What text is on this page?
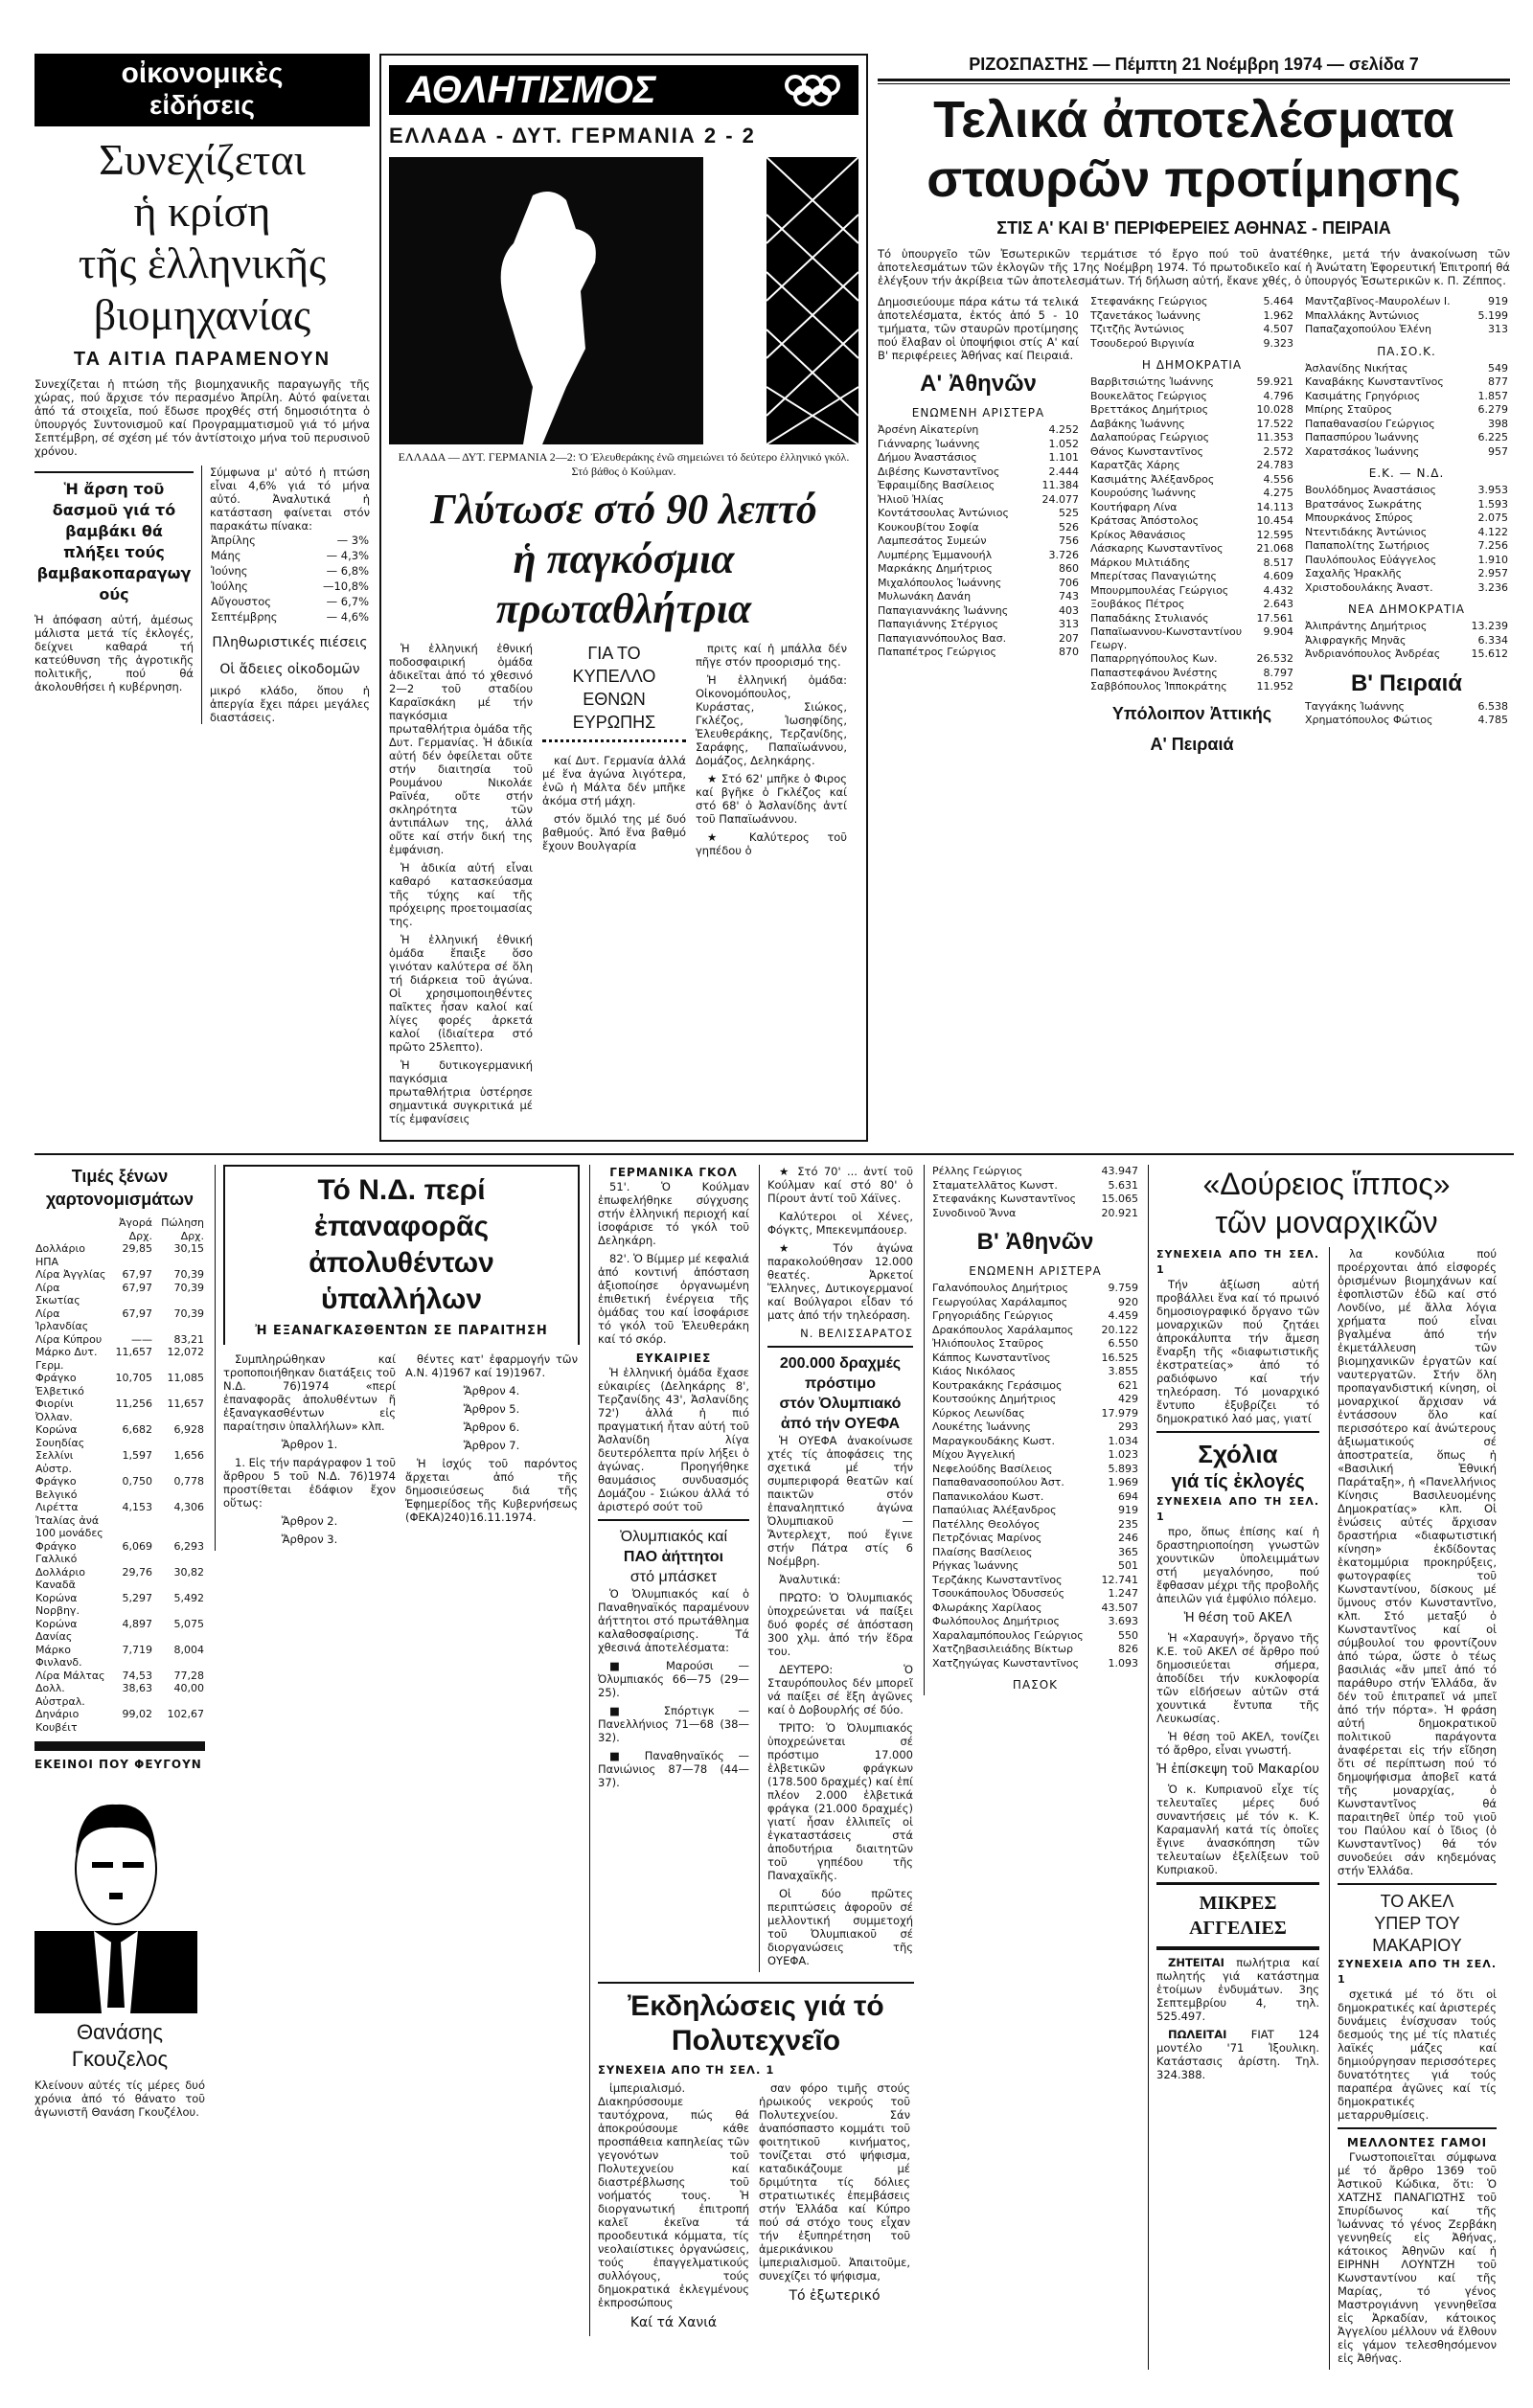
οἰκονομικὲς
εἰδήσεις
Συνεχίζεται
ἡ κρίση
τῆς ἑλληνικῆς
βιομηχανίας
ΤΑ ΑΙΤΙΑ ΠΑΡΑΜΕΝΟΥΝ
Συνεχίζεται ἡ πτώση τῆς βιομηχανικῆς παραγωγῆς τῆς χώρας, πού ἄρχισε τόν περασμένο Ἀπρίλη. Αὐτό φαίνεται ἀπό τά στοιχεῖα, πού ἔδωσε προχθές στή δημοσιότητα ὁ ὑπουργός Συντονισμοῦ καί Προγραμματισμοῦ γιά τό μήνα Σεπτέμβρη, σέ σχέση μέ τόν ἀντίστοιχο μήνα τοῦ περυσινοῦ χρόνου.
Ἡ ἄρση τοῦ δασμοῦ γιά τό βαμβάκι θά πλήξει τούς βαμβακοπαραγωγούς
Ἡ ἀπόφαση αὐτή, ἀμέσως μάλιστα μετά τίς ἐκλογές, δείχνει καθαρά τή κατεύθυνση τῆς ἀγροτικῆς πολιτικῆς, πού θά ἀκολουθήσει ἡ κυβέρνηση.
Σύμφωνα μ' αὐτό ἡ πτώση εἶναι 4,6% γιά τό μήνα αὐτό. Ἀναλυτικά ἡ κατάσταση φαίνεται στόν παρακάτω πίνακα:
Ἀπρίλης	— 3%
Μάης	— 4,3%
Ἰούνης	— 6,8%
Ἰούλης	—10,8%
Αὔγουστος	— 6,7%
Σεπτέμβρης	— 4,6%
Πληθωριστικές πιέσεις
Οἱ ἄδειες οἰκοδομῶν
μικρό κλάδο, ὅπου ἡ ἀπεργία ἔχει πάρει μεγάλες διαστάσεις.
ΑΘΛΗΤΙΣΜΟΣ
ΕΛΛΑΔΑ - ΔΥΤ. ΓΕΡΜΑΝΙΑ 2 - 2
ΕΛΛΑΔΑ — ΔΥΤ. ΓΕΡΜΑΝΙΑ 2—2: Ὁ Ἐλευθεράκης ἐνῶ σημειώνει τό δεύτερο ἑλληνικό γκόλ. Στό βάθος ὁ Κούλμαν.
Γλύτωσε στό 90 λεπτό
ἡ παγκόσμια
πρωταθλήτρια

Ἡ ἑλληνική ἐθνική ποδοσφαιρική ὁμάδα ἀδικεῖται ἀπό τό χθεσινό 2—2 τοῦ σταδίου Καραϊσκάκη μέ τήν παγκόσμια πρωταθλήτρια ὁμάδα τῆς Δυτ. Γερμανίας. Ἡ ἀδικία αὐτή δέν ὀφείλεται οὔτε στήν διαιτησία τοῦ Ρουμάνου Νικολάε Ραϊνέα, οὔτε στήν σκληρότητα τῶν ἀντιπάλων της, ἀλλά οὔτε καί στήν δική της ἐμφάνιση.

Ἡ ἀδικία αὐτή εἶναι καθαρό κατασκεύασμα τῆς τύχης καί τῆς πρόχειρης προετοιμασίας της.

Ἡ ἑλληνική ἐθνική ὁμάδα ἔπαιξε ὅσο γινόταν καλύτερα σέ ὅλη τή διάρκεια τοῦ ἀγώνα. Οἱ χρησιμοποιηθέντες παῖκτες ἦσαν καλοί καί λίγες φορές ἀρκετά καλοί (ἰδιαίτερα στό πρῶτο 25λεπτο).

Ἡ δυτικογερμανική παγκόσμια πρωταθλήτρια ὑστέρησε σημαντικά συγκριτικά μέ τίς ἐμφανίσεις

ΓΙΑ ΤΟ
ΚΥΠΕΛΛΟ
ΕΘΝΩΝ
ΕΥΡΩΠΗΣ

καί Δυτ. Γερμανία ἀλλά μέ ἕνα ἀγώνα λιγότερα, ἐνῶ ἡ Μάλτα δέν μπῆκε ἀκόμα στή μάχη.

στόν ὅμιλό της μέ δυό βαθμούς. Ἀπό ἕνα βαθμό ἔχουν Βουλγαρία

πριτς καί ἡ μπάλλα δέν πῆγε στόν προορισμό της.

Ἡ ἑλληνική ὁμάδα: Οἰκονομόπουλος, Κυράστας, Σιώκος, Γκλέζος, Ἰωσηφίδης, Ἐλευθεράκης, Τερζανίδης, Σαράφης, Παπαϊωάννου, Δομάζος, Δεληκάρης.

★ Στό 62' μπῆκε ὁ Φιρος καί βγῆκε ὁ Γκλέζος καί στό 68' ὁ Ἀσλανίδης ἀντί τοῦ Παπαϊωάννου.

★ Καλύτερος τοῦ γηπέδου ὁ

ΡΙΖΟΣΠΑΣΤΗΣ — Πέμπτη 21 Νοέμβρη 1974 — σελίδα 7
Τελικά ἀποτελέσματα
σταυρῶν προτίμησης
ΣΤΙΣ Α' ΚΑΙ Β' ΠΕΡΙΦΕΡΕΙΕΣ ΑΘΗΝΑΣ - ΠΕΙΡΑΙΑ
Τό ὑπουργεῖο τῶν Ἐσωτερικῶν τερμάτισε τό ἔργο πού τοῦ ἀνατέθηκε, μετά τήν ἀνακοίνωση τῶν ἀποτελεσμάτων τῶν ἐκλογῶν τῆς 17ης Νοέμβρη 1974. Τό πρωτοδικεῖο καί ἡ Ἀνώτατη Ἐφορευτική Ἐπιτροπή θά ἐλέγξουν τήν ἀκρίβεια τῶν ἀποτελεσμάτων. Τή δήλωση αὐτή, ἔκανε χθές, ὁ ὑπουργός Ἐσωτερικῶν κ. Π. Ζέππος.
Δημοσιεύουμε πάρα κάτω τά τελικά ἀποτελέσματα, ἐκτός ἀπό 5 - 10 τμήματα, τῶν σταυρῶν προτίμησης πού ἔλαβαν οἱ ὑποψήφιοι στίς Α' καί Β' περιφέρειες Ἀθήνας καί Πειραιά.
Α' Ἀθηνῶν
ΕΝΩΜΕΝΗ ΑΡΙΣΤΕΡΑ
Ἀρσένη Αἰκατερίνη	4.252
Γιάνναρης Ἰωάννης	1.052
Δήμου Ἀναστάσιος	1.101
Διβέσης Κωνσταντῖνος	2.444
Ἐφραιμίδης Βασίλειος	11.384
Ἠλιοῦ Ἠλίας	24.077
Κοντάτσουλας Ἀντώνιος	525
Κουκουβίτου Σοφία	526
Λαμπεσάτος Συμεών	756
Λυμπέρης Ἐμμανουήλ	3.726
Μαρκάκης Δημήτριος	860
Μιχαλόπουλος Ἰωάννης	706
Μυλωνάκη Δανάη	743
Παπαγιαννάκης Ἰωάννης	403
Παπαγιάννης Στέργιος	313
Παπαγιαννόπουλος Βασ.	207
Παπαπέτρος Γεώργιος	870
Στεφανάκης Γεώργιος	5.464
Τζανετάκος Ἰωάννης	1.962
Τζιτζῆς Ἀντώνιος	4.507
Τσουδερού Βιργινία	9.323
Η ΔΗΜΟΚΡΑΤΙΑ
Βαρβιτσιώτης Ἰωάννης	59.921
Βουκελᾶτος Γεώργιος	4.796
Βρεττάκος Δημήτριος	10.028
Δαβάκης Ἰωάννης	17.522
Δαλαπούρας Γεώργιος	11.353
Θάνος Κωνσταντῖνος	2.572
Καρατζᾶς Χάρης	24.783
Κασιμάτης Ἀλέξανδρος	4.556
Κουρούσης Ἰωάννης	4.275
Κουτήφαρη Λίνα	14.113
Κράτσας Ἀπόστολος	10.454
Κρίκος Ἀθανάσιος	12.595
Λάσκαρης Κωνσταντῖνος	21.068
Μάρκου Μιλτιάδης	8.517
Μπερίτσας Παναγιώτης	4.609
Μπουρμπουλέας Γεώργιος	4.432
Ξουβάκος Πέτρος	2.643
Παπαδάκης Στυλιανός	17.561
Παπαϊωαννου-Κωνσταντίνου Γεωργ.	9.904
Παπαρρηγόπουλος Κων.	26.532
Παπαστεφάνου Ἀνέστης	8.797
Σαββόπουλος Ἱπποκράτης	11.952
Υπόλοιπον Ἀττικής
Α' Πειραιά
Μαντζαβῖνος-Μαυρολέων Ι.	919
Μπαλλάκης Ἀντώνιος	5.199
Παπαζαχοπούλου Ἑλένη	313
ΠΑ.ΣΟ.Κ.
Ἀσλανίδης Νικήτας	549
Καναβάκης Κωνσταντῖνος	877
Κασιμάτης Γρηγόριος	1.857
Μπίρης Σταῦρος	6.279
Παπαθανασίου Γεώργιος	398
Παπασπύρου Ἰωάννης	6.225
Χαρατσάκος Ἰωάννης	957
Ε.Κ. — Ν.Δ.
Βουλόδημος Ἀναστάσιος	3.953
Βρατσάνος Σωκράτης	1.593
Μπουρκάνος Σπύρος	2.075
Ντεντιδάκης Ἀντώνιος	4.122
Παπαπολίτης Σωτήριος	7.256
Παυλόπουλος Εὐάγγελος	1.910
Σαχαλῆς Ἡρακλῆς	2.957
Χριστοδουλάκης Ἀναστ.	3.236
ΝΕΑ ΔΗΜΟΚΡΑΤΙΑ
Ἀλιπράντης Δημήτριος	13.239
Ἀλιφραγκῆς Μηνᾶς	6.334
Ἀνδριανόπουλος Ἀνδρέας	15.612
Β' Πειραιά
Ταγγάκης Ἰωάννης	6.538
Χρηματόπουλος Φώτιος	4.785
Τιμές ξένων
χαρτονομισμάτων
	Ἀγορά Δρχ.	Πώληση Δρχ.
Δολλάριο ΗΠΑ	29,85	30,15
Λίρα Ἀγγλίας	67,97	70,39
Λίρα Σκωτίας	67,97	70,39
Λίρα Ἰρλανδίας	67,97	70,39
Λίρα Κύπρου	——	83,21
Μάρκο Δυτ. Γερμ.	11,657	12,072
Φράγκο Ἑλβετικό	10,705	11,085
Φιορίνι Ὀλλαν.	11,256	11,657
Κορώνα Σουηδίας	6,682	6,928
Σελλίνι Αὐστρ.	1,597	1,656
Φράγκο Βελγικό	0,750	0,778
Λιρέττα Ἰταλίας ἀνά 100 μονάδες	4,153	4,306
Φράγκο Γαλλικό	6,069	6,293
Δολλάριο Καναδᾶ	29,76	30,82
Κορώνα Νορβηγ.	5,297	5,492
Κορώνα Δανίας	4,897	5,075
Μάρκο Φινλανδ.	7,719	8,004
Λίρα Μάλτας	74,53	77,28
Δολλ. Αὐστραλ.	38,63	40,00
Δηνάριο Κουβέιτ	99,02	102,67
ΕΚΕΙΝΟΙ ΠΟΥ ΦΕΥΓΟΥΝ
Θανάσης
Γκουζελος
Κλείνουν αὐτές τίς μέρες δυό χρόνια ἀπό τό θάνατο τοῦ ἀγωνιστῆ Θανάση Γκουζέλου.
Τό Ν.Δ. περί ἐπαναφορᾶς
ἀπολυθέντων ὑπαλλήλων
Ἠ ΕΞΑΝΑΓΚΑΣΘΕΝΤΩΝ ΣΕ ΠΑΡΑΙΤΗΣΗ

Συμπληρώθηκαν καί τροποποιήθηκαν διατάξεις τοῦ Ν.Δ. 76)1974 «περί ἐπαναφορᾶς ἀπολυθέντων ἤ ἐξαναγκασθέντων εἰς παραίτησιν ὑπαλλήλων» κλπ.

Ἄρθρον 1.

1. Εἰς τήν παράγραφον 1 τοῦ ἄρθρου 5 τοῦ Ν.Δ. 76)1974 προστίθεται ἐδάφιον ἔχον οὕτως:

Ἄρθρον 2.

Ἄρθρον 3.

θέντες κατ' ἐφαρμογήν τῶν Α.Ν. 4)1967 καί 19)1967.

Ἄρθρον 4.

Ἄρθρον 5.

Ἄρθρον 6.

Ἄρθρον 7.

Ἡ ἰσχύς τοῦ παρόντος ἄρχεται ἀπό τῆς δημοσιεύσεως διά τῆς Ἐφημερίδος τῆς Κυβερνήσεως (ΦΕΚΑ)240)16.11.1974.

ΓΕΡΜΑΝΙΚΑ ΓΚΟΛ

51'. Ὁ Κούλμαν ἐπωφελήθηκε σύγχυσης στήν ἑλληνική περιοχή καί ἰσοφάρισε τό γκόλ τοῦ Δεληκάρη.

82'. Ὁ Βίμμερ μέ κεφαλιά ἀπό κοντινή ἀπόσταση ἀξιοποίησε ὀργανωμένη ἐπιθετική ἐνέργεια τῆς ὁμάδας του καί ἰσοφάρισε τό γκόλ τοῦ Ἐλευθεράκη καί τό σκόρ.

ΕΥΚΑΙΡΙΕΣ

Ἡ ἑλληνική ὁμάδα ἔχασε εὐκαιρίες (Δεληκάρης 8', Τερζανίδης 43', Ἀσλανίδης 72') ἀλλά ἡ πιό πραγματική ἦταν αὐτή τοῦ Ἀσλανίδη λίγα δευτερόλεπτα πρίν λήξει ὁ ἀγώνας. Προηγήθηκε θαυμάσιος συνδυασμός Δομάζου - Σιώκου ἀλλά τό ἀριστερό σούτ τοῦ

Ὀλυμπιακός καί
ΠΑΟ ἀήττητοι
στό μπάσκετ

Ὁ Ὀλυμπιακός καί ὁ Παναθηναϊκός παραμένουν ἀήττητοι στό πρωτάθλημα καλαθοσφαίρισης. Τά χθεσινά ἀποτελέσματα:

■ Μαρούσι — Ὀλυμπιακός 66—75 (29—25).

■ Σπόρτιγκ — Πανελλήνιος 71—68 (38—32).

■ Παναθηναϊκός — Πανιώνιος 87—78 (44—37).

★ Στό 70' ... ἀντί τοῦ Κούλμαν καί στό 80' ὁ Πίρουτ ἀντί τοῦ Χάϊνες.

Καλύτεροι οἱ Χένες, Φόγκτς, Μπεκενμπάουερ.

★ Τόν ἀγώνα παρακολούθησαν 12.000 θεατές. Ἀρκετοί Ἕλληνες, Δυτικογερμανοί καί Βούλγαροι εἶδαν τό ματς ἀπό τήν τηλεόραση.

Ν. ΒΕΛΙΣΣΑΡΑΤΟΣ
200.000 δραχμές
πρόστιμο
στόν Ὀλυμπιακό
ἀπό τήν ΟΥΕΦΑ

Ἡ ΟΥΕΦΑ ἀνακοίνωσε χτές τίς ἀποφάσεις της σχετικά μέ τήν συμπεριφορά θεατῶν καί παικτῶν στόν ἐπαναληπτικό ἀγώνα Ὀλυμπιακοῦ — Ἄντερλεχτ, πού ἔγινε στήν Πάτρα στίς 6 Νοέμβρη.

Ἀναλυτικά:

ΠΡΩΤΟ: Ὁ Ὀλυμπιακός ὑποχρεώνεται νά παίξει δυό φορές σέ ἀπόσταση 300 χλμ. ἀπό τήν ἕδρα του.

ΔΕΥΤΕΡΟ: Ὁ Σταυρόπουλος δέν μπορεῖ νά παίξει σέ ἕξη ἀγῶνες καί ὁ Δοβουρλής σέ δύο.

ΤΡΙΤΟ: Ὁ Ὀλυμπιακός ὑποχρεώνεται σέ πρόστιμο 17.000 ἑλβετικῶν φράγκων (178.500 δραχμές) καί ἐπί πλέον 2.000 ἑλβετικά φράγκα (21.000 δραχμές) γιατί ἦσαν ἐλλιπεῖς οἱ ἐγκαταστάσεις στά ἀποδυτήρια διαιτητῶν τοῦ γηπέδου τῆς Παναχαϊκῆς.

Οἱ δύο πρῶτες περιπτώσεις ἀφοροῦν σέ μελλοντική συμμετοχή τοῦ Ὀλυμπιακοῦ σέ διοργανώσεις τῆς ΟΥΕΦΑ.

Ἐκδηλώσεις γιά τό Πολυτεχνεῖο
ΣΥΝΕΧΕΙΑ ΑΠΟ ΤΗ ΣΕΛ. 1

ἰμπεριαλισμό. Διακηρύσσουμε ταυτόχρονα, πώς θά ἀποκρούσουμε κάθε προσπάθεια καπηλείας τῶν γεγονότων τοῦ Πολυτεχνείου καί διαστρέβλωσης τοῦ νοήματός τους. Ἡ διοργανωτική ἐπιτροπή καλεῖ ἐκεῖνα τά προοδευτικά κόμματα, τίς νεολαιίστικες ὀργανώσεις, τούς ἐπαγγελματικούς συλλόγους, τούς δημοκρατικά ἐκλεγμένους ἐκπροσώπους

Καί τά Χανιά

σαν φόρο τιμῆς στούς ἡρωικούς νεκρούς τοῦ Πολυτεχνείου. Σάν ἀναπόσπαστο κομμάτι τοῦ φοιτητικοῦ κινήματος, τονίζεται στό ψήφισμα, καταδικάζουμε μέ δριμύτητα τίς δόλιες στρατιωτικές ἐπεμβάσεις στήν Ἑλλάδα καί Κύπρο πού σά στόχο τους εἶχαν τήν ἐξυπηρέτηση τοῦ ἀμερικάνικου ἰμπεριαλισμοῦ. Ἀπαιτοῦμε, συνεχίζει τό ψήφισμα,

Τό ἐξωτερικό

Ρέλλης Γεώργιος	43.947
Σταματελλᾶτος Κωνστ.	5.631
Στεφανάκης Κωνσταντῖνος	15.065
Συνοδινοῦ Ἄννα	20.921
Β' Ἀθηνῶν
ΕΝΩΜΕΝΗ ΑΡΙΣΤΕΡΑ
Γαλανόπουλος Δημήτριος	9.759
Γεωργούλας Χαράλαμπος	920
Γρηγοριάδης Γεώργιος	4.459
Δρακόπουλος Χαράλαμπος	20.122
Ἠλιόπουλος Σταῦρος	6.550
Κάππος Κωνσταντῖνος	16.525
Κιάος Νικόλαος	3.855
Κουτρακάκης Γεράσιμος	621
Κουτσούκης Δημήτριος	429
Κύρκος Λεωνίδας	17.979
Λουκέτης Ἰωάννης	293
Μαραγκουδάκης Κωστ.	1.034
Μίχου Ἀγγελική	1.023
Νεφελούδης Βασίλειος	5.893
Παπαθανασοπούλου Ἀστ.	1.969
Παπανικολάου Κωστ.	694
Παπαύλιας Ἀλέξανδρος	919
Πατέλλης Θεολόγος	235
Πετρζόνιας Μαρίνος	246
Πλαίσης Βασίλειος	365
Ρήγκας Ἰωάννης	501
Τερζάκης Κωνσταντῖνος	12.741
Τσουκάπουλος Ὀδυσσεύς	1.247
Φλωράκης Χαρίλαος	43.507
Φωλόπουλος Δημήτριος	3.693
Χαραλαμπόπουλος Γεώργιος	550
Χατζηβασιλειάδης Βίκτωρ	826
Χατζηγώγας Κωνσταντῖνος	1.093
ΠΑΣΟΚ
«Δούρειος ἵππος»
τῶν μοναρχικῶν
ΣΥΝΕΧΕΙΑ ΑΠΟ ΤΗ ΣΕΛ. 1

Τήν ἀξίωση αὐτή προβάλλει ἕνα καί τό πρωινό δημοσιογραφικό ὄργανο τῶν μοναρχικῶν πού ζητάει ἀπροκάλυπτα τήν ἄμεση ἔναρξη τῆς «διαφωτιστικῆς ἐκστρατείας» ἀπό τό ραδιόφωνο καί τήν τηλεόραση. Τό μοναρχικό ἔντυπο ἐξυβρίζει τό δημοκρατικό λαό μας, γιατί

Σχόλια
γιά τίς ἐκλογές
ΣΥΝΕΧΕΙΑ ΑΠΟ ΤΗ ΣΕΛ. 1

προ, ὅπως ἐπίσης καί ἡ δραστηριοποίηση γνωστῶν χουντικῶν ὑπολειμμάτων στή μεγαλόνησο, πού ἔφθασαν μέχρι τῆς προβολῆς ἀπειλῶν γιά ἐμφύλιο πόλεμο.

Ἡ θέση τοῦ ΑΚΕΛ

Ἡ «Χαραυγή», ὄργανο τῆς Κ.Ε. τοῦ ΑΚΕΛ σέ ἄρθρο πού δημοσιεύεται σήμερα, ἀποδίδει τήν κυκλοφορία τῶν εἰδήσεων αὐτῶν στά χουντικά ἔντυπα τῆς Λευκωσίας.

Ἡ θέση τοῦ ΑΚΕΛ, τονίζει τό ἄρθρο, εἶναι γνωστή.

Ἡ ἐπίσκεψη τοῦ Μακαρίου

Ὁ κ. Κυπριανοῦ εἶχε τίς τελευταῖες μέρες δυό συναντήσεις μέ τόν κ. Κ. Καραμανλή κατά τίς ὁποῖες ἔγινε ἀνασκόπηση τῶν τελευταίων ἐξελίξεων τοῦ Κυπριακοῦ.

ΜΙΚΡΕΣ ΑΓΓΕΛΙΕΣ

ΖΗΤΕΙΤΑΙ πωλήτρια καί πωλητής γιά κατάστημα ἑτοίμων ἐνδυμάτων. 3ης Σεπτεμβρίου 4, τηλ. 525.497.

ΠΩΛΕΙΤΑΙ FIAT 124 μοντέλο '71 Ἰξουλικη. Κατάστασις ἀρίστη. Τηλ. 324.388.

λα κονδύλια πού προέρχονται ἀπό εἰσφορές ὁρισμένων βιομηχάνων καί ἐφοπλιστῶν ἐδῶ καί στό Λονδίνο, μέ ἄλλα λόγια χρήματα πού εἶναι βγαλμένα ἀπό τήν ἐκμετάλλευση τῶν βιομηχανικῶν ἐργατῶν καί ναυτεργατῶν. Στήν ὅλη προπαγανδιστική κίνηση, οἱ μοναρχικοί ἄρχισαν νά ἐντάσσουν ὅλο καί περισσότερο καί ἀνώτερους ἀξιωματικούς σέ ἀποστρατεία, ὅπως ἡ «Βασιλική Ἐθνική Παράταξη», ἡ «Πανελλήνιος Κίνησις Βασιλευομένης Δημοκρατίας» κλπ. Οἱ ἑνώσεις αὐτές ἄρχισαν δραστήρια «διαφωτιστική κίνηση» ἐκδίδοντας ἑκατομμύρια προκηρύξεις, φωτογραφίες τοῦ Κωνσταντίνου, δίσκους μέ ὕμνους στόν Κωνσταντῖνο, κλπ. Στό μεταξύ ὁ Κωνσταντῖνος καί οἱ σύμβουλοί του φροντίζουν ἀπό τώρα, ὥστε ὁ τέως βασιλιάς «ἄν μπεῖ ἀπό τό παράθυρο στήν Ἑλλάδα, ἄν δέν τοῦ ἐπιτραπεῖ νά μπεῖ ἀπό τήν πόρτα». Ἡ φράση αὐτή δημοκρατικοῦ πολιτικοῦ παράγοντα ἀναφέρεται εἰς τήν εἴδηση ὅτι σέ περίπτωση πού τό δημοψήφισμα ἀποβεῖ κατά τῆς μοναρχίας, ὁ Κωνσταντῖνος θά παραιτηθεῖ ὑπέρ τοῦ γιοῦ του Παύλου καί ὁ ἴδιος (ὁ Κωνσταντῖνος) θά τόν συνοδεύει σάν κηδεμόνας στήν Ἑλλάδα.

ΤΟ ΑΚΕΛ
ΥΠΕΡ ΤΟΥ
ΜΑΚΑΡΙΟΥ
ΣΥΝΕΧΕΙΑ ΑΠΟ ΤΗ ΣΕΛ. 1

σχετικά μέ τό ὅτι οἱ δημοκρατικές καί ἀριστερές δυνάμεις ἐνίσχυσαν τούς δεσμούς της μέ τίς πλατιές λαϊκές μάζες καί δημιούργησαν περισσότερες δυνατότητες γιά τούς παραπέρα ἀγῶνες καί τίς δημοκρατικές μεταρρυθμίσεις.

ΜΕΛΛΟΝΤΕΣ ΓΑΜΟΙ

Γνωστοποιεῖται σύμφωνα μέ τό ἄρθρο 1369 τοῦ Ἀστικοῦ Κώδικα, ὅτι: Ὁ ΧΑΤΖΗΣ ΠΑΝΑΓΙΩΤΗΣ τοῦ Σπυρίδωνος καί τῆς Ἰωάννας τό γένος Ζερβάκη γεννηθείς εἰς Ἀθήνας, κάτοικος Ἀθηνῶν καί ἡ ΕΙΡΗΝΗ ΛΟΥΝΤΖΗ τοῦ Κωνσταντίνου καί τῆς Μαρίας, τό γένος Μαστρογιάννη γεννηθεῖσα εἰς Ἀρκαδίαν, κάτοικος Ἀγγελίου μέλλουν νά ἔλθουν εἰς γάμον τελεσθησόμενον εἰς Ἀθήνας.
